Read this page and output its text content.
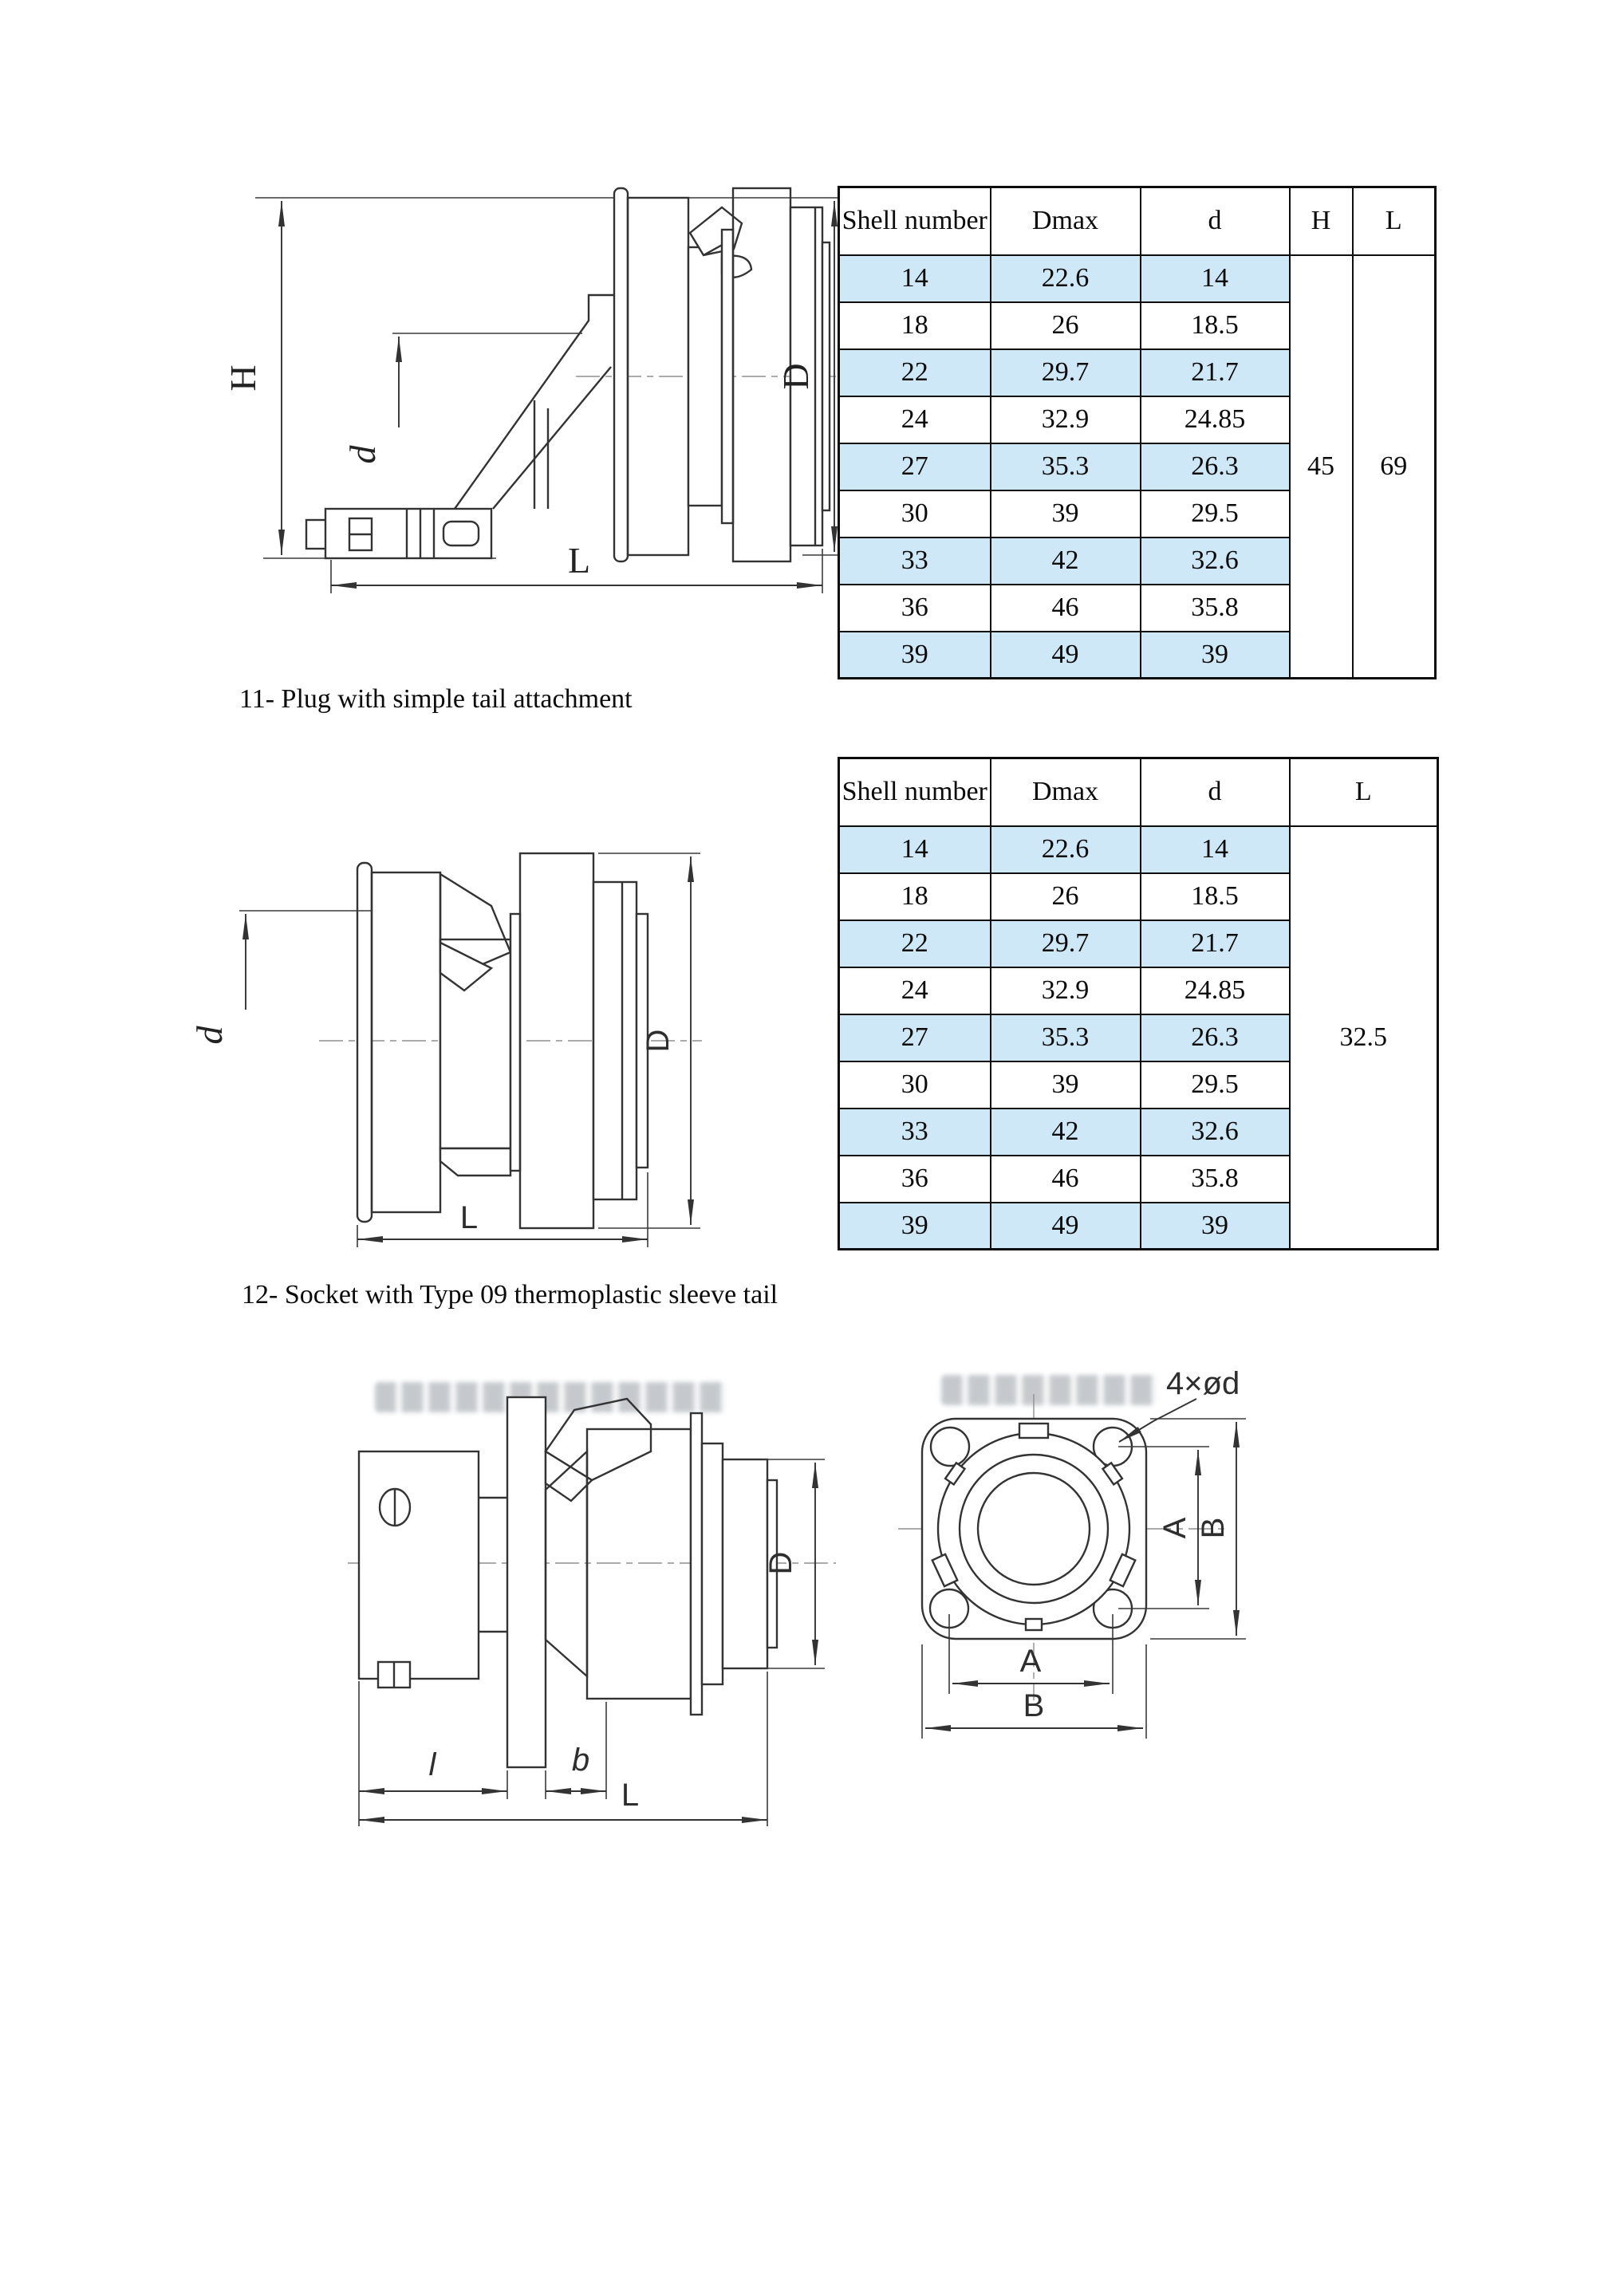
H
d
D
L
Shell number	Dmax	d	H	L
14	22.6	14	45	69
18	26	18.5		
22	29.7	21.7		
24	32.9	24.85		
27	35.3	26.3		
30	39	29.5		
33	42	32.6		
36	46	35.8		
39	49	39		
11- Plug with simple tail attachment
d	D
L
Shell number	Dmax	d	L
14	22.6	14	32.5
18	26	18.5	
22	29.7	21.7	
24	32.9	24.85	
27	35.3	26.3	
30	39	29.5	
33	42	32.6	
36	46	35.8	
39	49	39	
12- Socket with Type 09 thermoplastic sleeve tail
D
l	b
L
4×ød
A B
A
B
